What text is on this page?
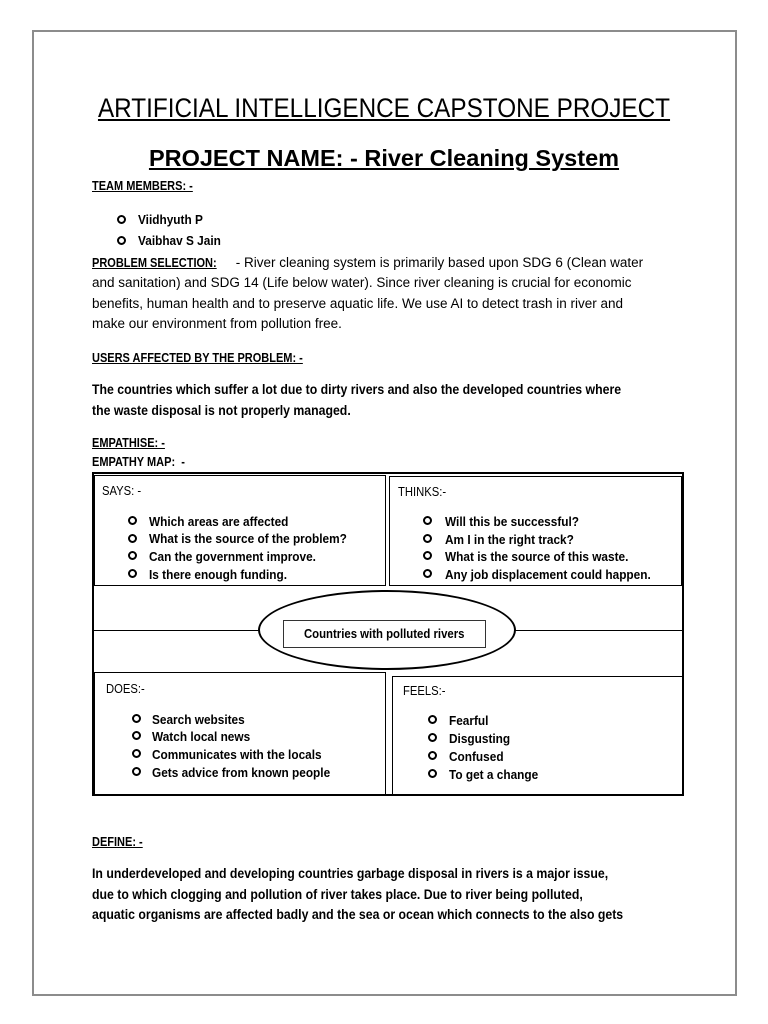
ARTIFICIAL INTELLIGENCE CAPSTONE PROJECT
PROJECT NAME: - River Cleaning System
TEAM MEMBERS: -
Viidhyuth P
Vaibhav S Jain
PROBLEM SELECTION: - River cleaning system is primarily based upon SDG 6 (Clean water
and sanitation) and SDG 14 (Life below water). Since river cleaning is crucial for economic
benefits, human health and to preserve aquatic life. We use AI to detect trash in river and
make our environment from pollution free.
USERS AFFECTED BY THE PROBLEM: -
The countries which suffer a lot due to dirty rivers and also the developed countries where
the waste disposal is not properly managed.
EMPATHISE: -
EMPATHY MAP:  -
Countries with polluted rivers
SAYS: -
Which areas are affected
What is the source of the problem?
Can the government improve.
Is there enough funding.
THINKS:-
Will this be successful?
Am I in the right track?
What is the source of this waste.
Any job displacement could happen.
DOES:-
Search websites
Watch local news
Communicates with the locals
Gets advice from known people
FEELS:-
Fearful
Disgusting
Confused
To get a change
DEFINE: -
In underdeveloped and developing countries garbage disposal in rivers is a major issue,
due to which clogging and pollution of river takes place. Due to river being polluted,
aquatic organisms are affected badly and the sea or ocean which connects to the also gets
